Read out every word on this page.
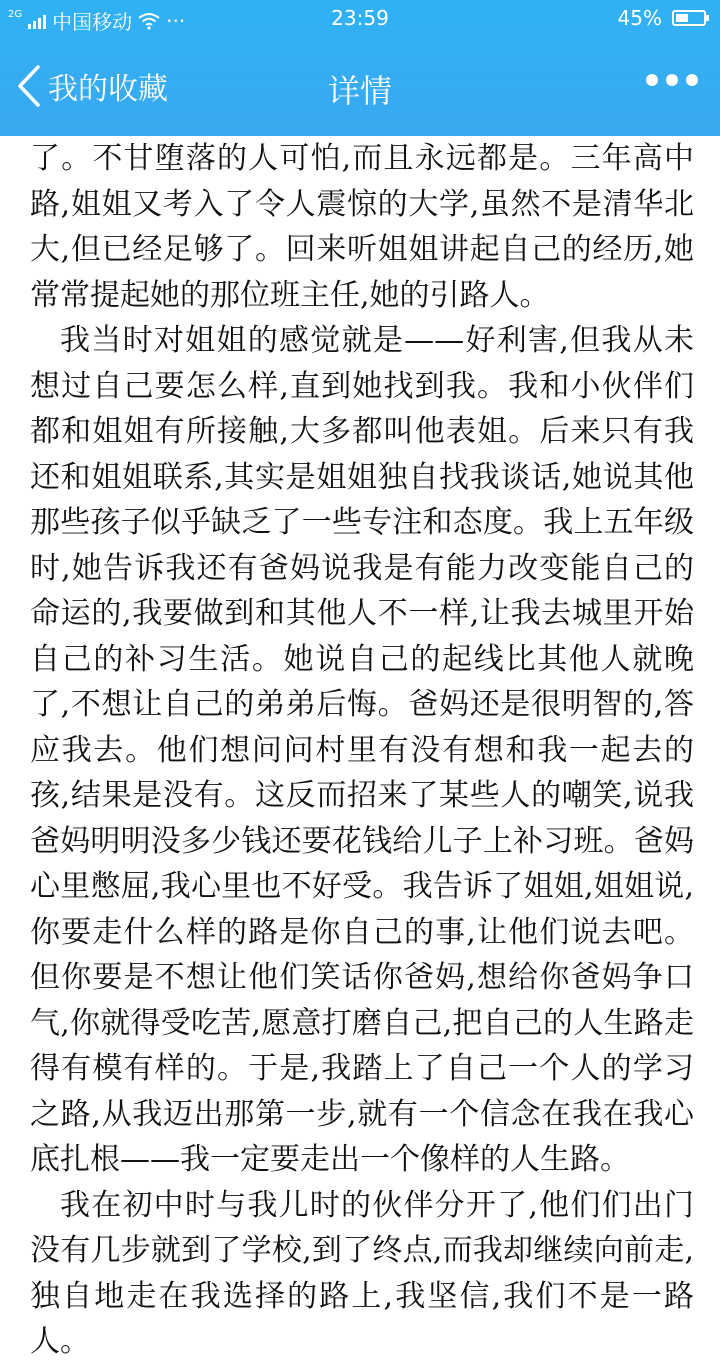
2G 中国移动 ···	23:59	45%
我的收藏	详情

了。不甘堕落的人可怕,而且永远都是。三年高中路,姐姐又考入了令人震惊的大学,虽然不是清华北大,但已经足够了。回来听姐姐讲起自己的经历,她常常提起她的那位班主任,她的引路人。

我当时对姐姐的感觉就是——好利害,但我从未想过自己要怎么样,直到她找到我。我和小伙伴们都和姐姐有所接触,大多都叫他表姐。后来只有我还和姐姐联系,其实是姐姐独自找我谈话,她说其他那些孩子似乎缺乏了一些专注和态度。我上五年级时,她告诉我还有爸妈说我是有能力改变能自己的命运的,我要做到和其他人不一样,让我去城里开始自己的补习生活。她说自己的起线比其他人就晚了,不想让自己的弟弟后悔。爸妈还是很明智的,答应我去。他们想问问村里有没有想和我一起去的孩,结果是没有。这反而招来了某些人的嘲笑,说我爸妈明明没多少钱还要花钱给儿子上补习班。爸妈心里憋屈,我心里也不好受。我告诉了姐姐,姐姐说,你要走什么样的路是你自己的事,让他们说去吧。但你要是不想让他们笑话你爸妈,想给你爸妈争口气,你就得受吃苦,愿意打磨自己,把自己的人生路走得有模有样的。于是,我踏上了自己一个人的学习之路,从我迈出那第一步,就有一个信念在我在我心底扎根——我一定要走出一个像样的人生路。

我在初中时与我儿时的伙伴分开了,他们们出门没有几步就到了学校,到了终点,而我却继续向前走,独自地走在我选择的路上,我坚信,我们不是一路人。
